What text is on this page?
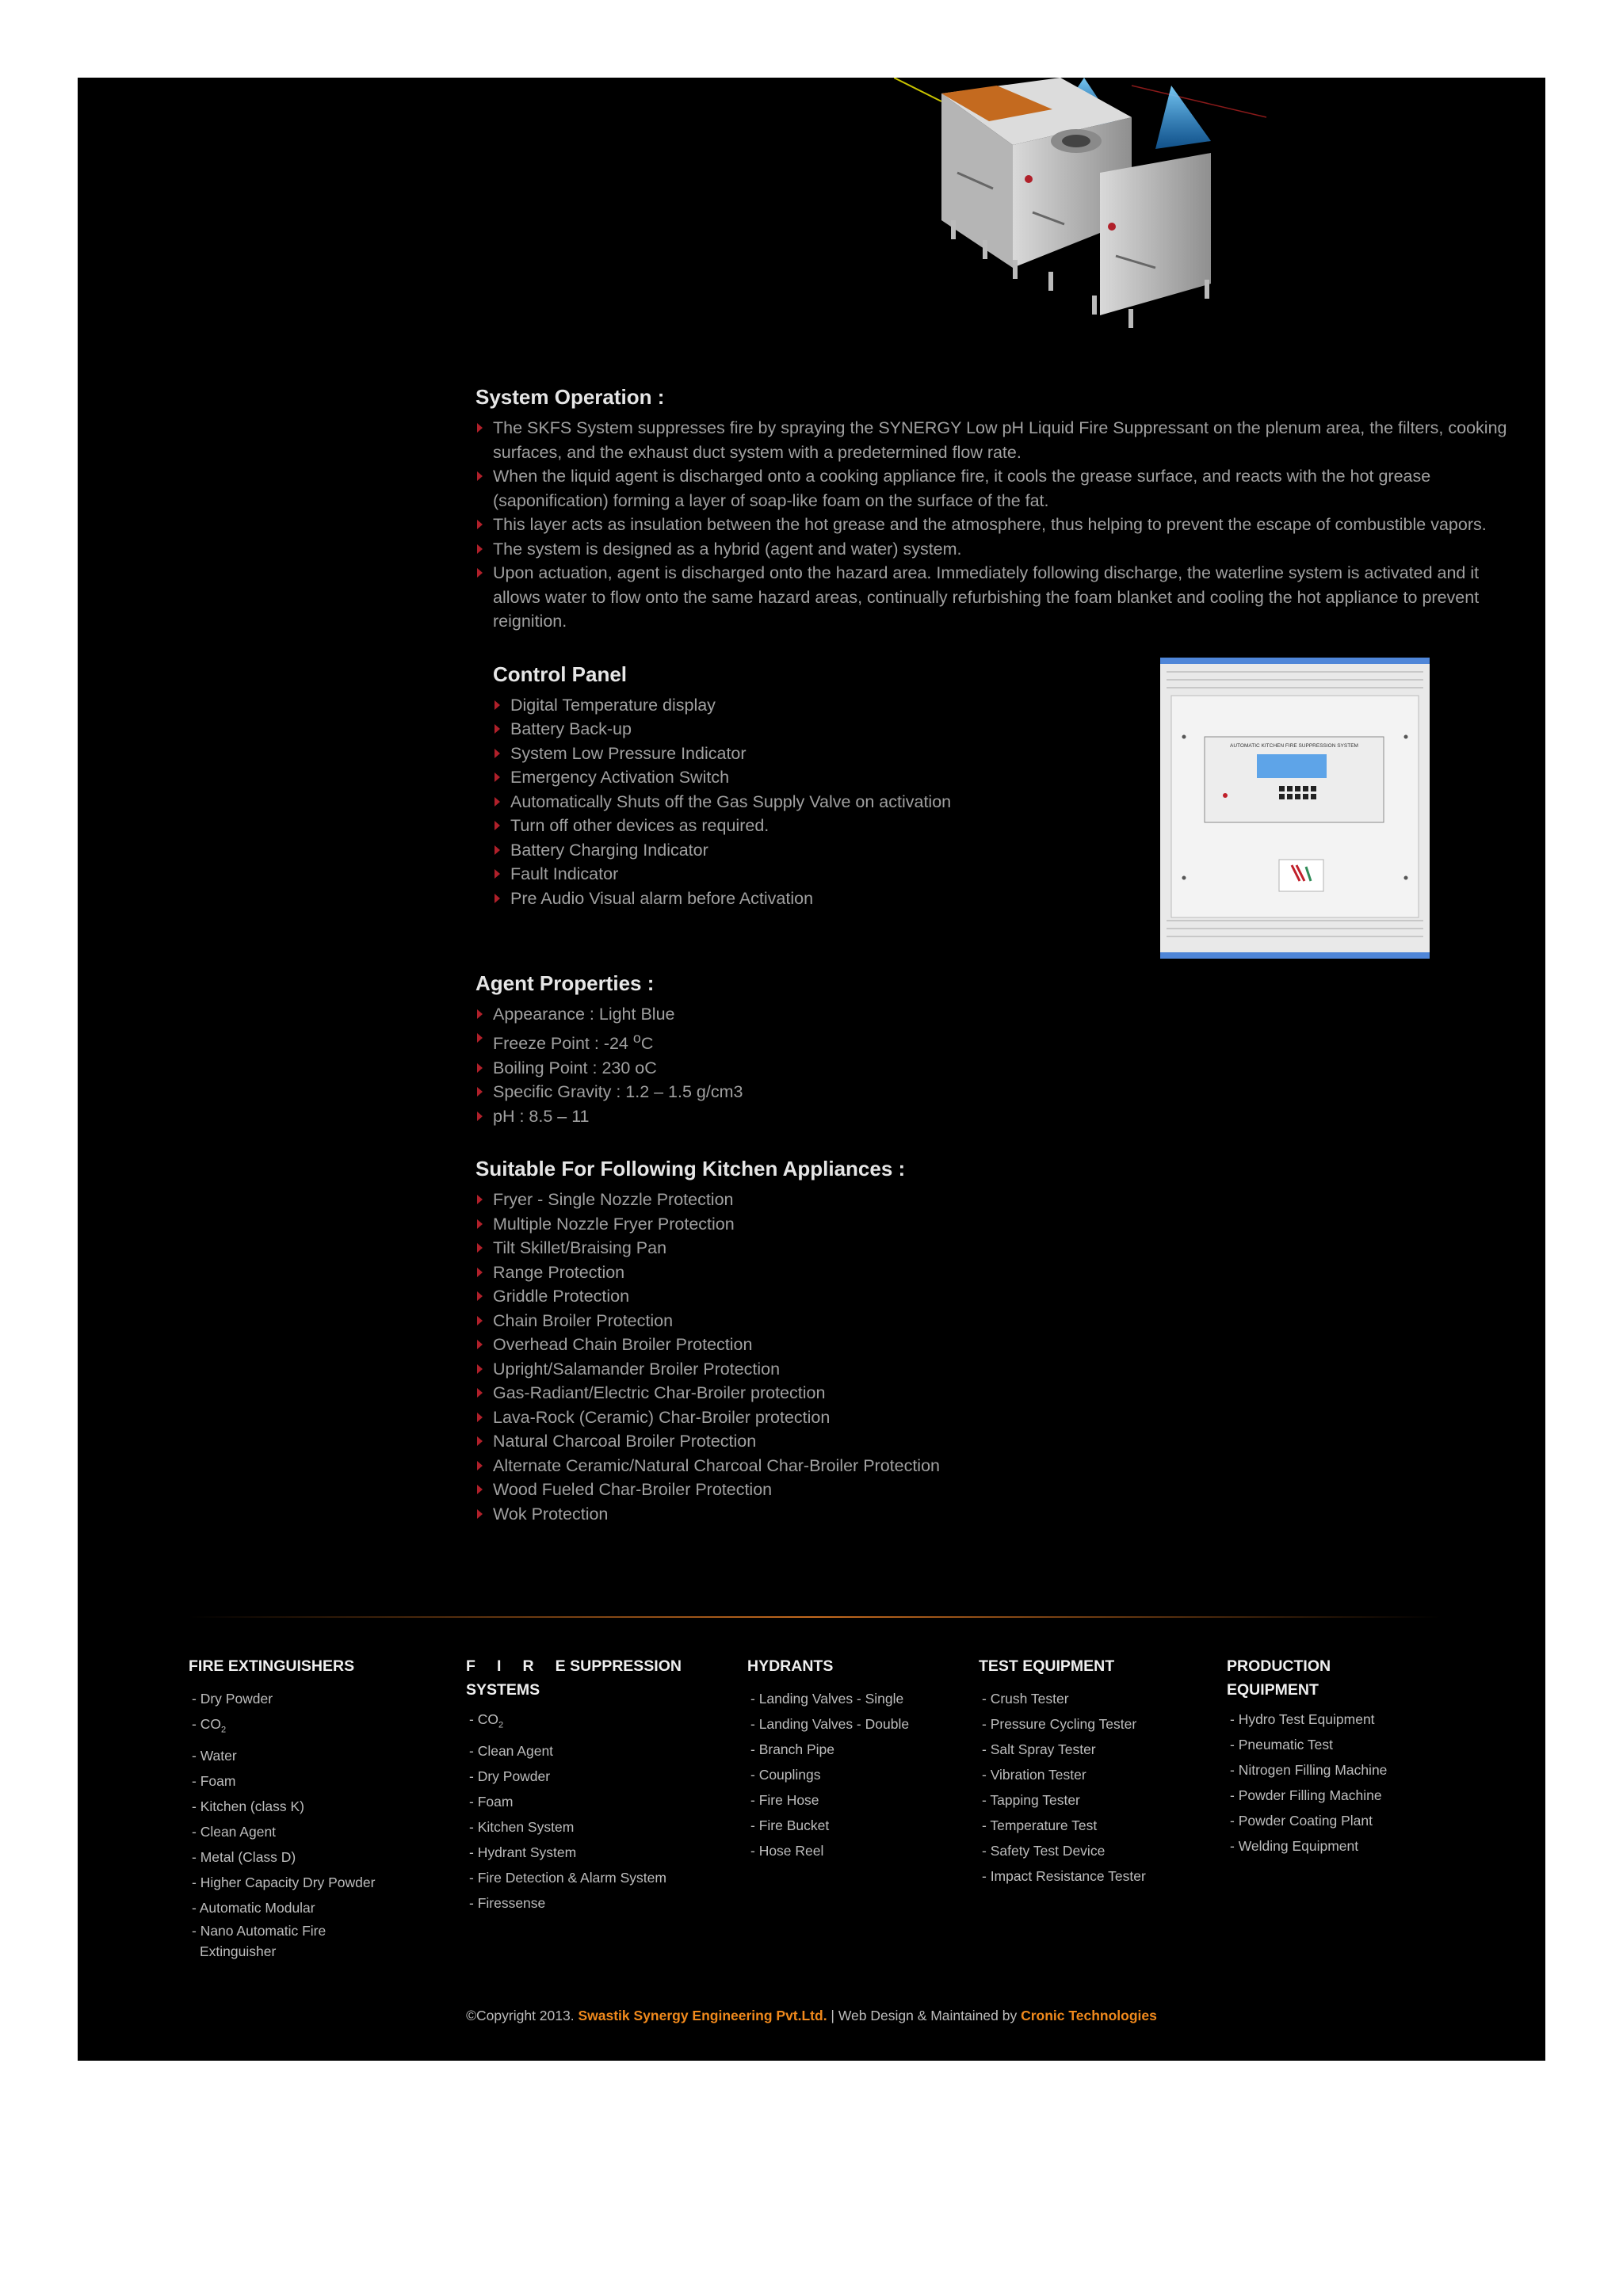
System Operation :
The SKFS System suppresses fire by spraying the SYNERGY Low pH Liquid Fire Suppressant on the plenum area, the filters, cooking surfaces, and the exhaust duct system with a predetermined flow rate.
When the liquid agent is discharged onto a cooking appliance fire, it cools the grease surface, and reacts with the hot grease (saponification) forming a layer of soap-like foam on the surface of the fat.
This layer acts as insulation between the hot grease and the atmosphere, thus helping to prevent the escape of combustible vapors.
The system is designed as a hybrid (agent and water) system.
Upon actuation, agent is discharged onto the hazard area. Immediately following discharge, the waterline system is activated and it allows water to flow onto the same hazard areas, continually refurbishing the foam blanket and cooling the hot appliance to prevent reignition.
Control Panel
Digital Temperature display
Battery Back-up
System Low Pressure Indicator
Emergency Activation Switch
Automatically Shuts off the Gas Supply Valve on activation
Turn off other devices as required.
Battery Charging Indicator
Fault Indicator
Pre Audio Visual alarm before Activation
AUTOMATIC KITCHEN FIRE SUPPRESSION SYSTEM
Agent Properties :
Appearance : Light Blue
Freeze Point : -24 $^o$C
Boiling Point : 230 oC
Specific Gravity : 1.2 – 1.5 g/cm3
pH : 8.5 – 11
Suitable For Following Kitchen Appliances :
Fryer - Single Nozzle Protection
Multiple Nozzle Fryer Protection
Tilt Skillet/Braising Pan
Range Protection
Griddle Protection
Chain Broiler Protection
Overhead Chain Broiler Protection
Upright/Salamander Broiler Protection
Gas-Radiant/Electric Char-Broiler protection
Lava-Rock (Ceramic) Char-Broiler protection
Natural Charcoal Broiler Protection
Alternate Ceramic/Natural Charcoal Char-Broiler Protection
Wood Fueled Char-Broiler Protection
Wok Protection
FIRE EXTINGUISHERS
- Dry Powder
- $CO_2$
- Water
- Foam
- Kitchen (class K)
- Clean Agent
- Metal (Class D)
- Higher Capacity Dry Powder
- Automatic Modular
- Nano Automatic Fire
Extinguisher
F     I     R     E SUPPRESSION
SYSTEMS
- $CO_2$
- Clean Agent
- Dry Powder
- Foam
- Kitchen System
- Hydrant System
- Fire Detection & Alarm System
- Firessense
HYDRANTS
- Landing Valves - Single
- Landing Valves - Double
- Branch Pipe
- Couplings
- Fire Hose
- Fire Bucket
- Hose Reel
TEST EQUIPMENT
- Crush Tester
- Pressure Cycling Tester
- Salt Spray Tester
- Vibration Tester
- Tapping Tester
- Temperature Test
- Safety Test Device
- Impact Resistance Tester
PRODUCTION
EQUIPMENT
- Hydro Test Equipment
- Pneumatic Test
- Nitrogen Filling Machine
- Powder Filling Machine
- Powder Coating Plant
- Welding Equipment
©Copyright 2013. Swastik Synergy Engineering Pvt.Ltd. | Web Design & Maintained by Cronic Technologies
